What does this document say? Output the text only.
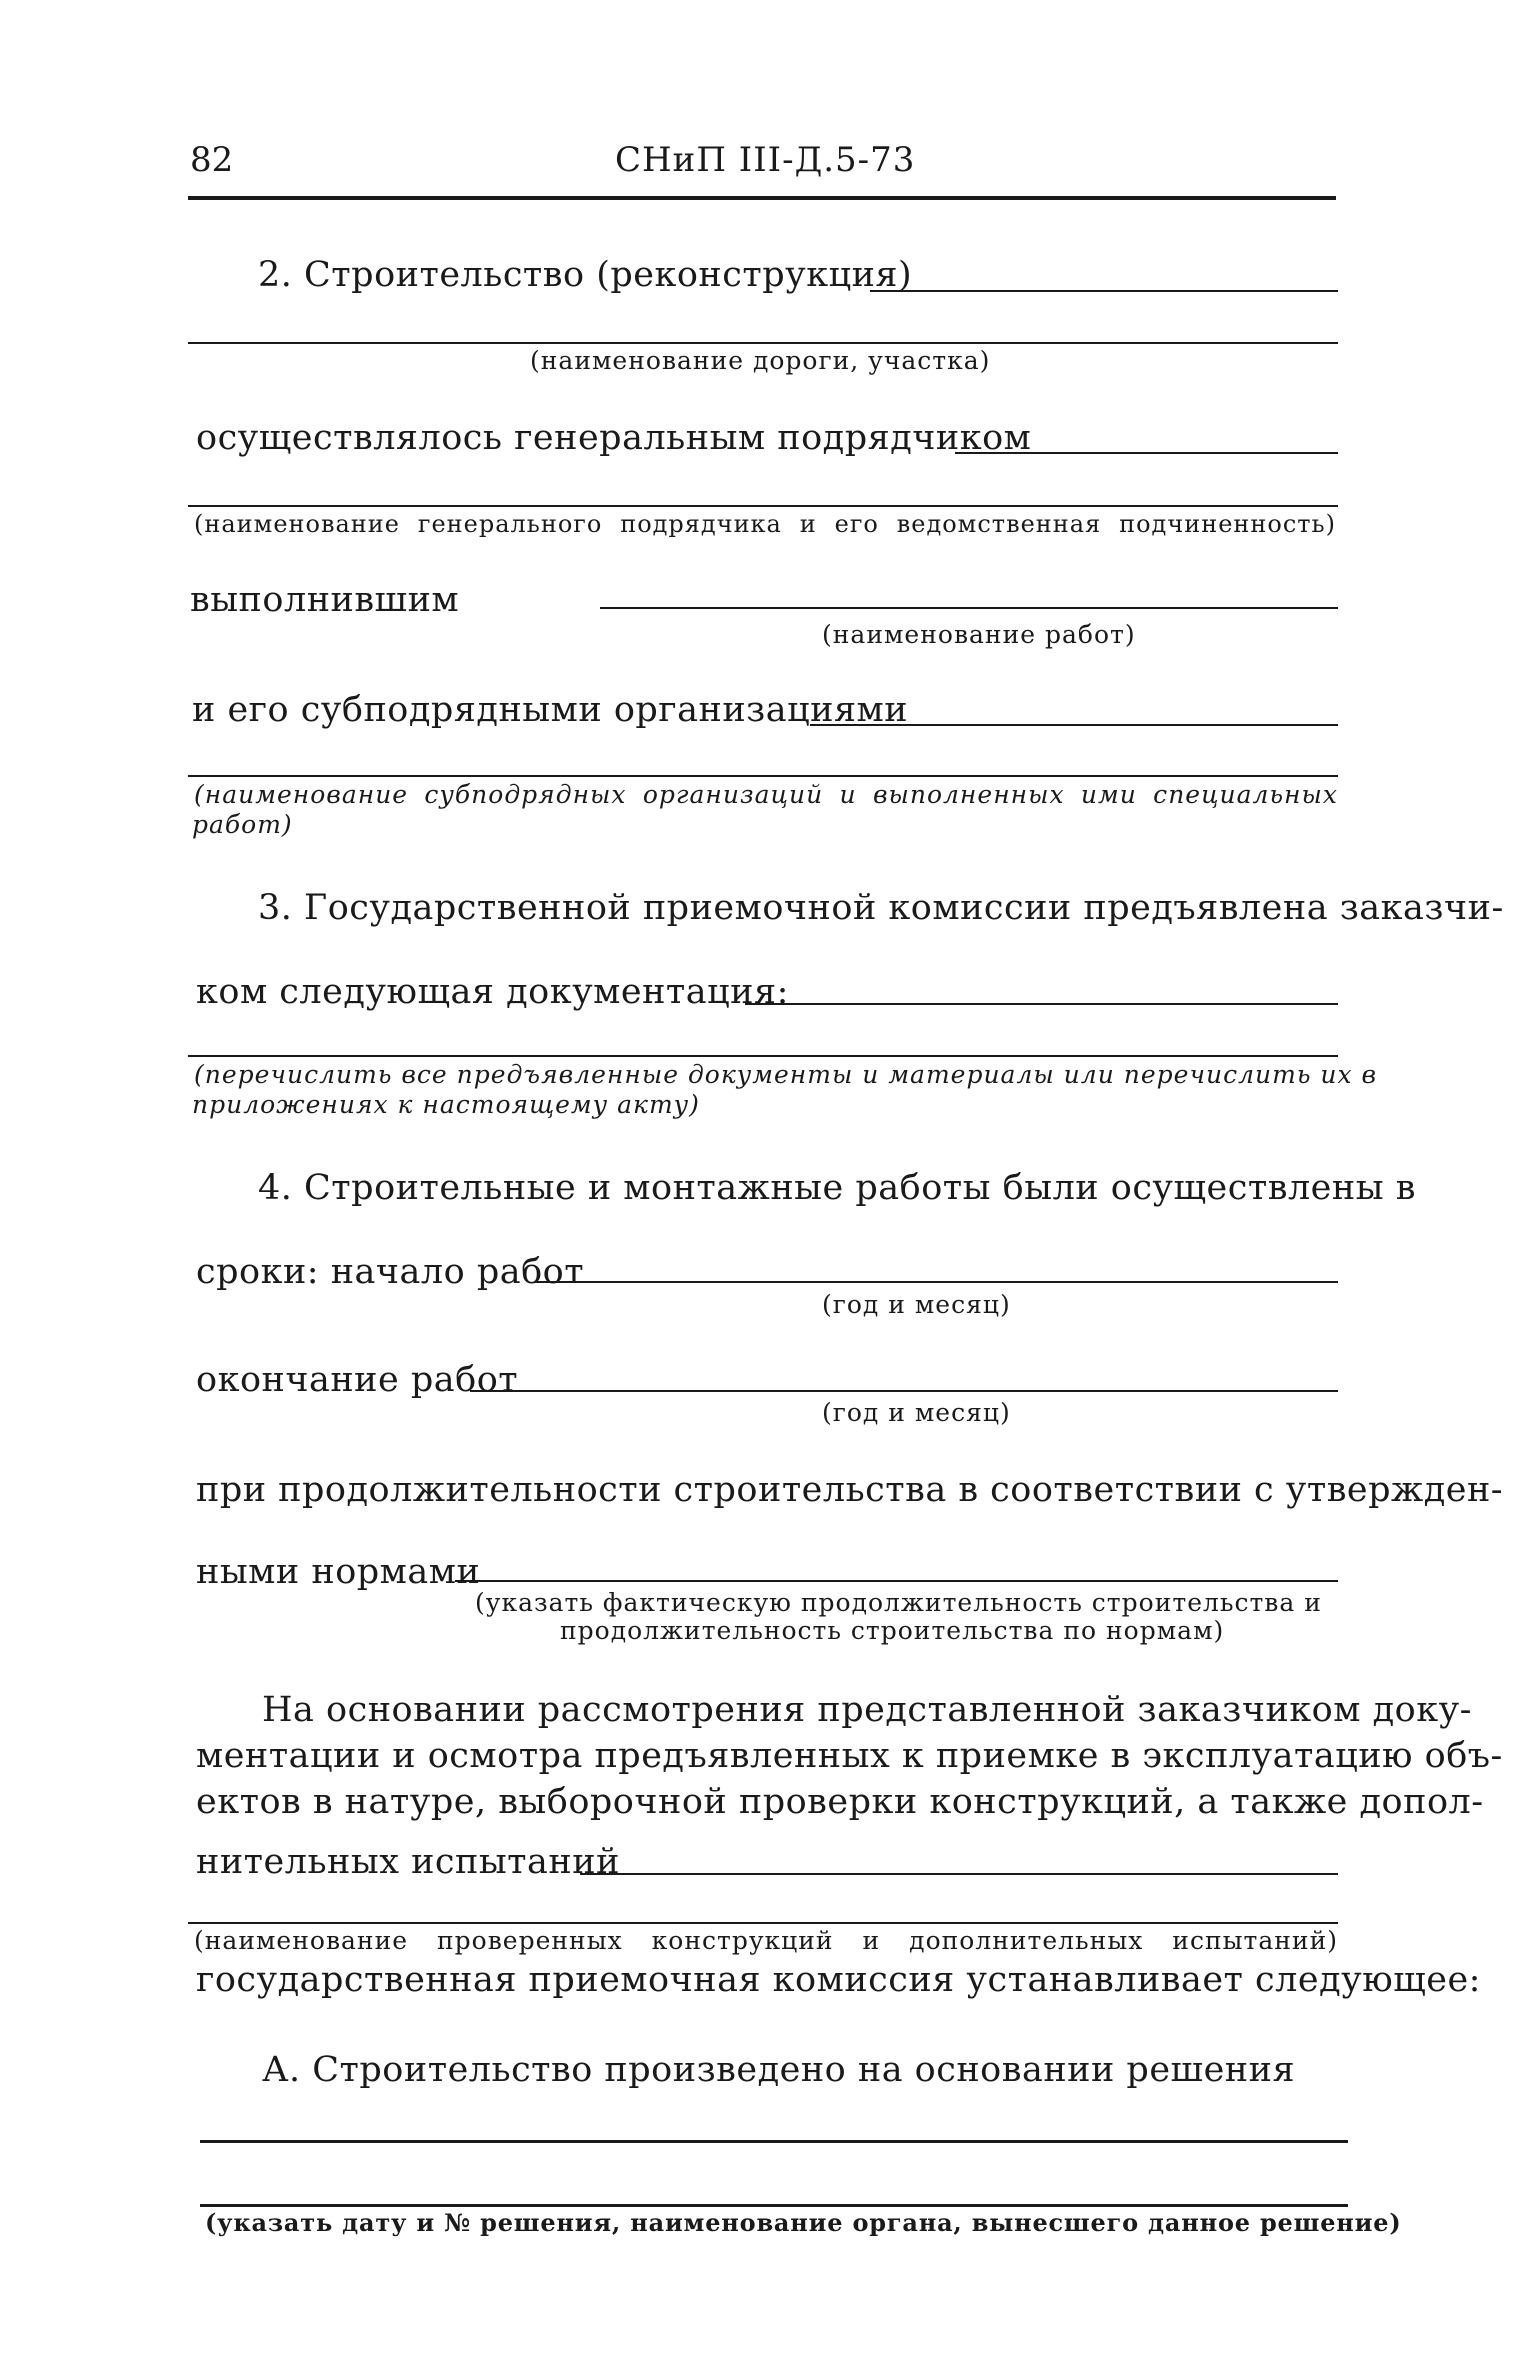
82	СНиП III-Д.5-73
2. Строительство (реконструкция)
(наименование дороги, участка)
осуществлялось генеральным подрядчиком
(наименование генерального подрядчика и его ведомственная подчиненность)
выполнившим
(наименование работ)
и его субподрядными организациями
(наименование субподрядных организаций и выполненных ими специальных
работ)
3. Государственной приемочной комиссии предъявлена заказчи-
ком следующая документация:
(перечислить все предъявленные документы и материалы или перечислить их в
приложениях к настоящему акту)
4. Строительные и монтажные работы были осуществлены в
сроки: начало работ
(год и месяц)
окончание работ
(год и месяц)
при продолжительности строительства в соответствии с утвержден-
ными нормами
(указать фактическую продолжительность строительства и
продолжительность строительства по нормам)
На основании рассмотрения представленной заказчиком доку-
ментации и осмотра предъявленных к приемке в эксплуатацию объ-
ектов в натуре, выборочной проверки конструкций, а также допол-
нительных испытаний
(наименование проверенных конструкций и дополнительных испытаний)
государственная приемочная комиссия устанавливает следующее:
А. Строительство произведено на основании решения
(указать дату и № решения, наименование органа, вынесшего данное решение)
